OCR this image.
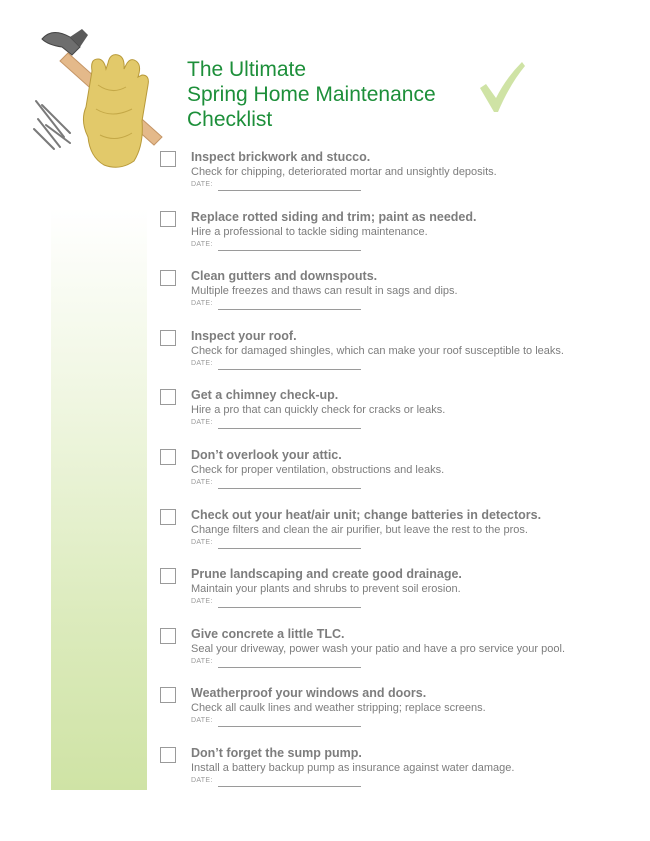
The Ultimate
Spring Home Maintenance
Checklist
Inspect brickwork and stucco.
Check for chipping, deteriorated mortar and unsightly deposits.
DATE:
Replace rotted siding and trim; paint as needed.
Hire a professional to tackle siding maintenance.
DATE:
Clean gutters and downspouts.
Multiple freezes and thaws can result in sags and dips.
DATE:
Inspect your roof.
Check for damaged shingles, which can make your roof susceptible to leaks.
DATE:
Get a chimney check-up.
Hire a pro that can quickly check for cracks or leaks.
DATE:
Don’t overlook your attic.
Check for proper ventilation, obstructions and leaks.
DATE:
Check out your heat/air unit; change batteries in detectors.
Change filters and clean the air purifier, but leave the rest to the pros.
DATE:
Prune landscaping and create good drainage.
Maintain your plants and shrubs to prevent soil erosion.
DATE:
Give concrete a little TLC.
Seal your driveway, power wash your patio and have a pro service your pool.
DATE:
Weatherproof your windows and doors.
Check all caulk lines and weather stripping; replace screens.
DATE:
Don’t forget the sump pump.
Install a battery backup pump as insurance against water damage.
DATE:
